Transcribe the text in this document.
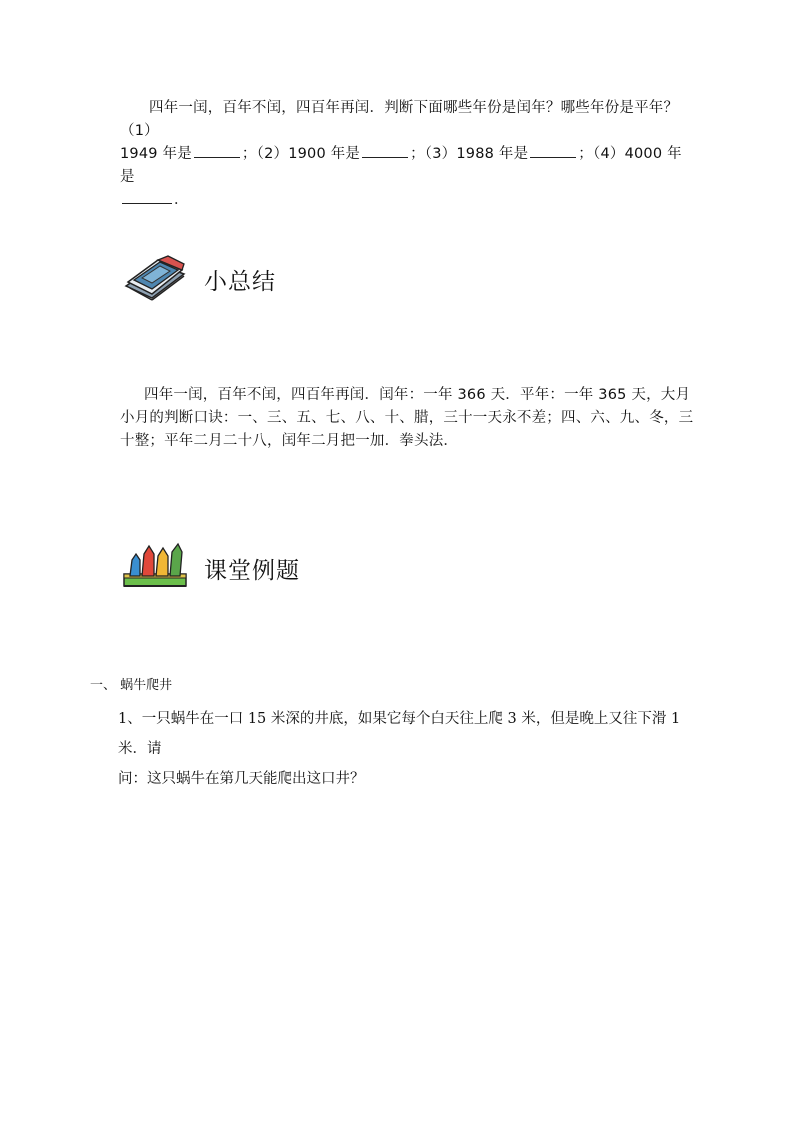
四年一闰，百年不闰，四百年再闰．判断下面哪些年份是闰年？哪些年份是平年？（1）

1949 年是	；（2）1900 年是	；（3）1988 年是	；（4）4000 年是

．

小总结

四年一闰，百年不闰，四百年再闰．闰年：一年 366 天．平年：一年 365 天，大月小月的判断口诀：一、三、五、七、八、十、腊，三十一天永不差；四、六、九、冬，三十整；平年二月二十八，闰年二月把一加．拳头法．

课堂例题
一、 蜗牛爬井

1、一只蜗牛在一口 15 米深的井底，如果它每个白天往上爬 3 米，但是晚上又往下滑 1 米．请

问：这只蜗牛在第几天能爬出这口井？
